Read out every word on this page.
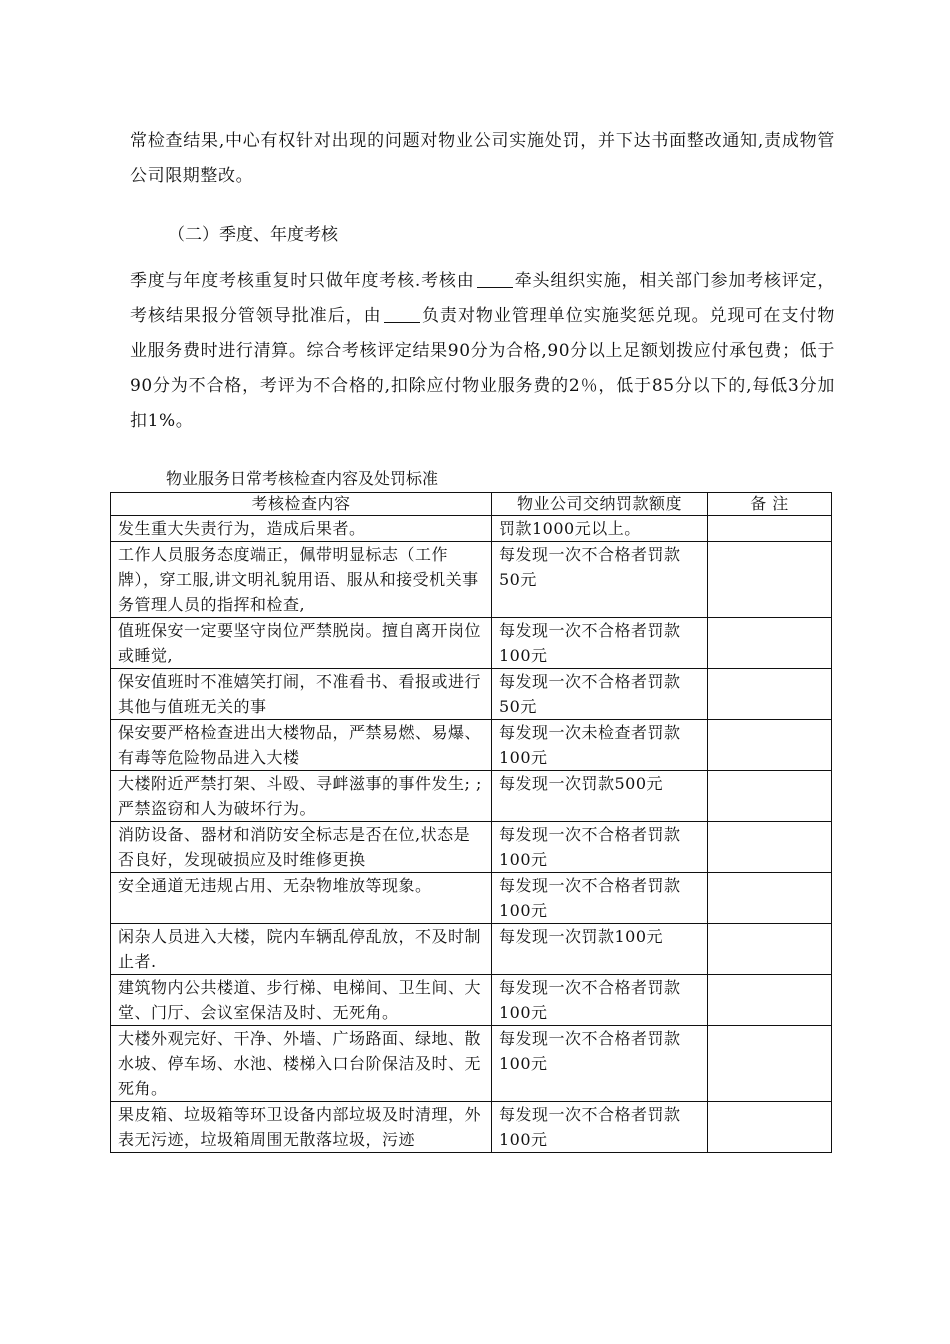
常检查结果,中心有权针对出现的问题对物业公司实施处罚，并下达书面整改通知,责成物管公司限期整改。

（二）季度、年度考核

季度与年度考核重复时只做年度考核.考核由 牵头组织实施，相关部门参加考核评定，考核结果报分管领导批准后，由 负责对物业管理单位实施奖惩兑现。兑现可在支付物业服务费时进行清算。综合考核评定结果90分为合格,90分以上足额划拨应付承包费；低于90分为不合格，考评为不合格的,扣除应付物业服务费的2％，低于85分以下的,每低3分加扣1%。

物业服务日常考核检查内容及处罚标准

考核检查内容	物业公司交纳罚款额度	备 注
发生重大失责行为，造成后果者。	罚款1000元以上。	
工作人员服务态度端正，佩带明显标志（工作牌），穿工服,讲文明礼貌用语、服从和接受机关事务管理人员的指挥和检查,	每发现一次不合格者罚款50元	
值班保安一定要坚守岗位严禁脱岗。擅自离开岗位或睡觉,	每发现一次不合格者罚款100元	
保安值班时不准嬉笑打闹，不准看书、看报或进行其他与值班无关的事	每发现一次不合格者罚款50元	
保安要严格检查进出大楼物品，严禁易燃、易爆、有毒等危险物品进入大楼	每发现一次未检查者罚款100元	
大楼附近严禁打架、斗殴、寻衅滋事的事件发生; ;严禁盗窃和人为破坏行为。	每发现一次罚款500元	
消防设备、器材和消防安全标志是否在位,状态是否良好，发现破损应及时维修更换	每发现一次不合格者罚款100元	
安全通道无违规占用、无杂物堆放等现象。	每发现一次不合格者罚款100元	
闲杂人员进入大楼，院内车辆乱停乱放，不及时制止者.	每发现一次罚款100元	
建筑物内公共楼道、步行梯、电梯间、卫生间、大堂、门厅、会议室保洁及时、无死角。	每发现一次不合格者罚款100元	
大楼外观完好、干净、外墙、广场路面、绿地、散水坡、停车场、水池、楼梯入口台阶保洁及时、无死角。	每发现一次不合格者罚款100元	
果皮箱、垃圾箱等环卫设备内部垃圾及时清理，外表无污迹，垃圾箱周围无散落垃圾，污迹	每发现一次不合格者罚款100元	
